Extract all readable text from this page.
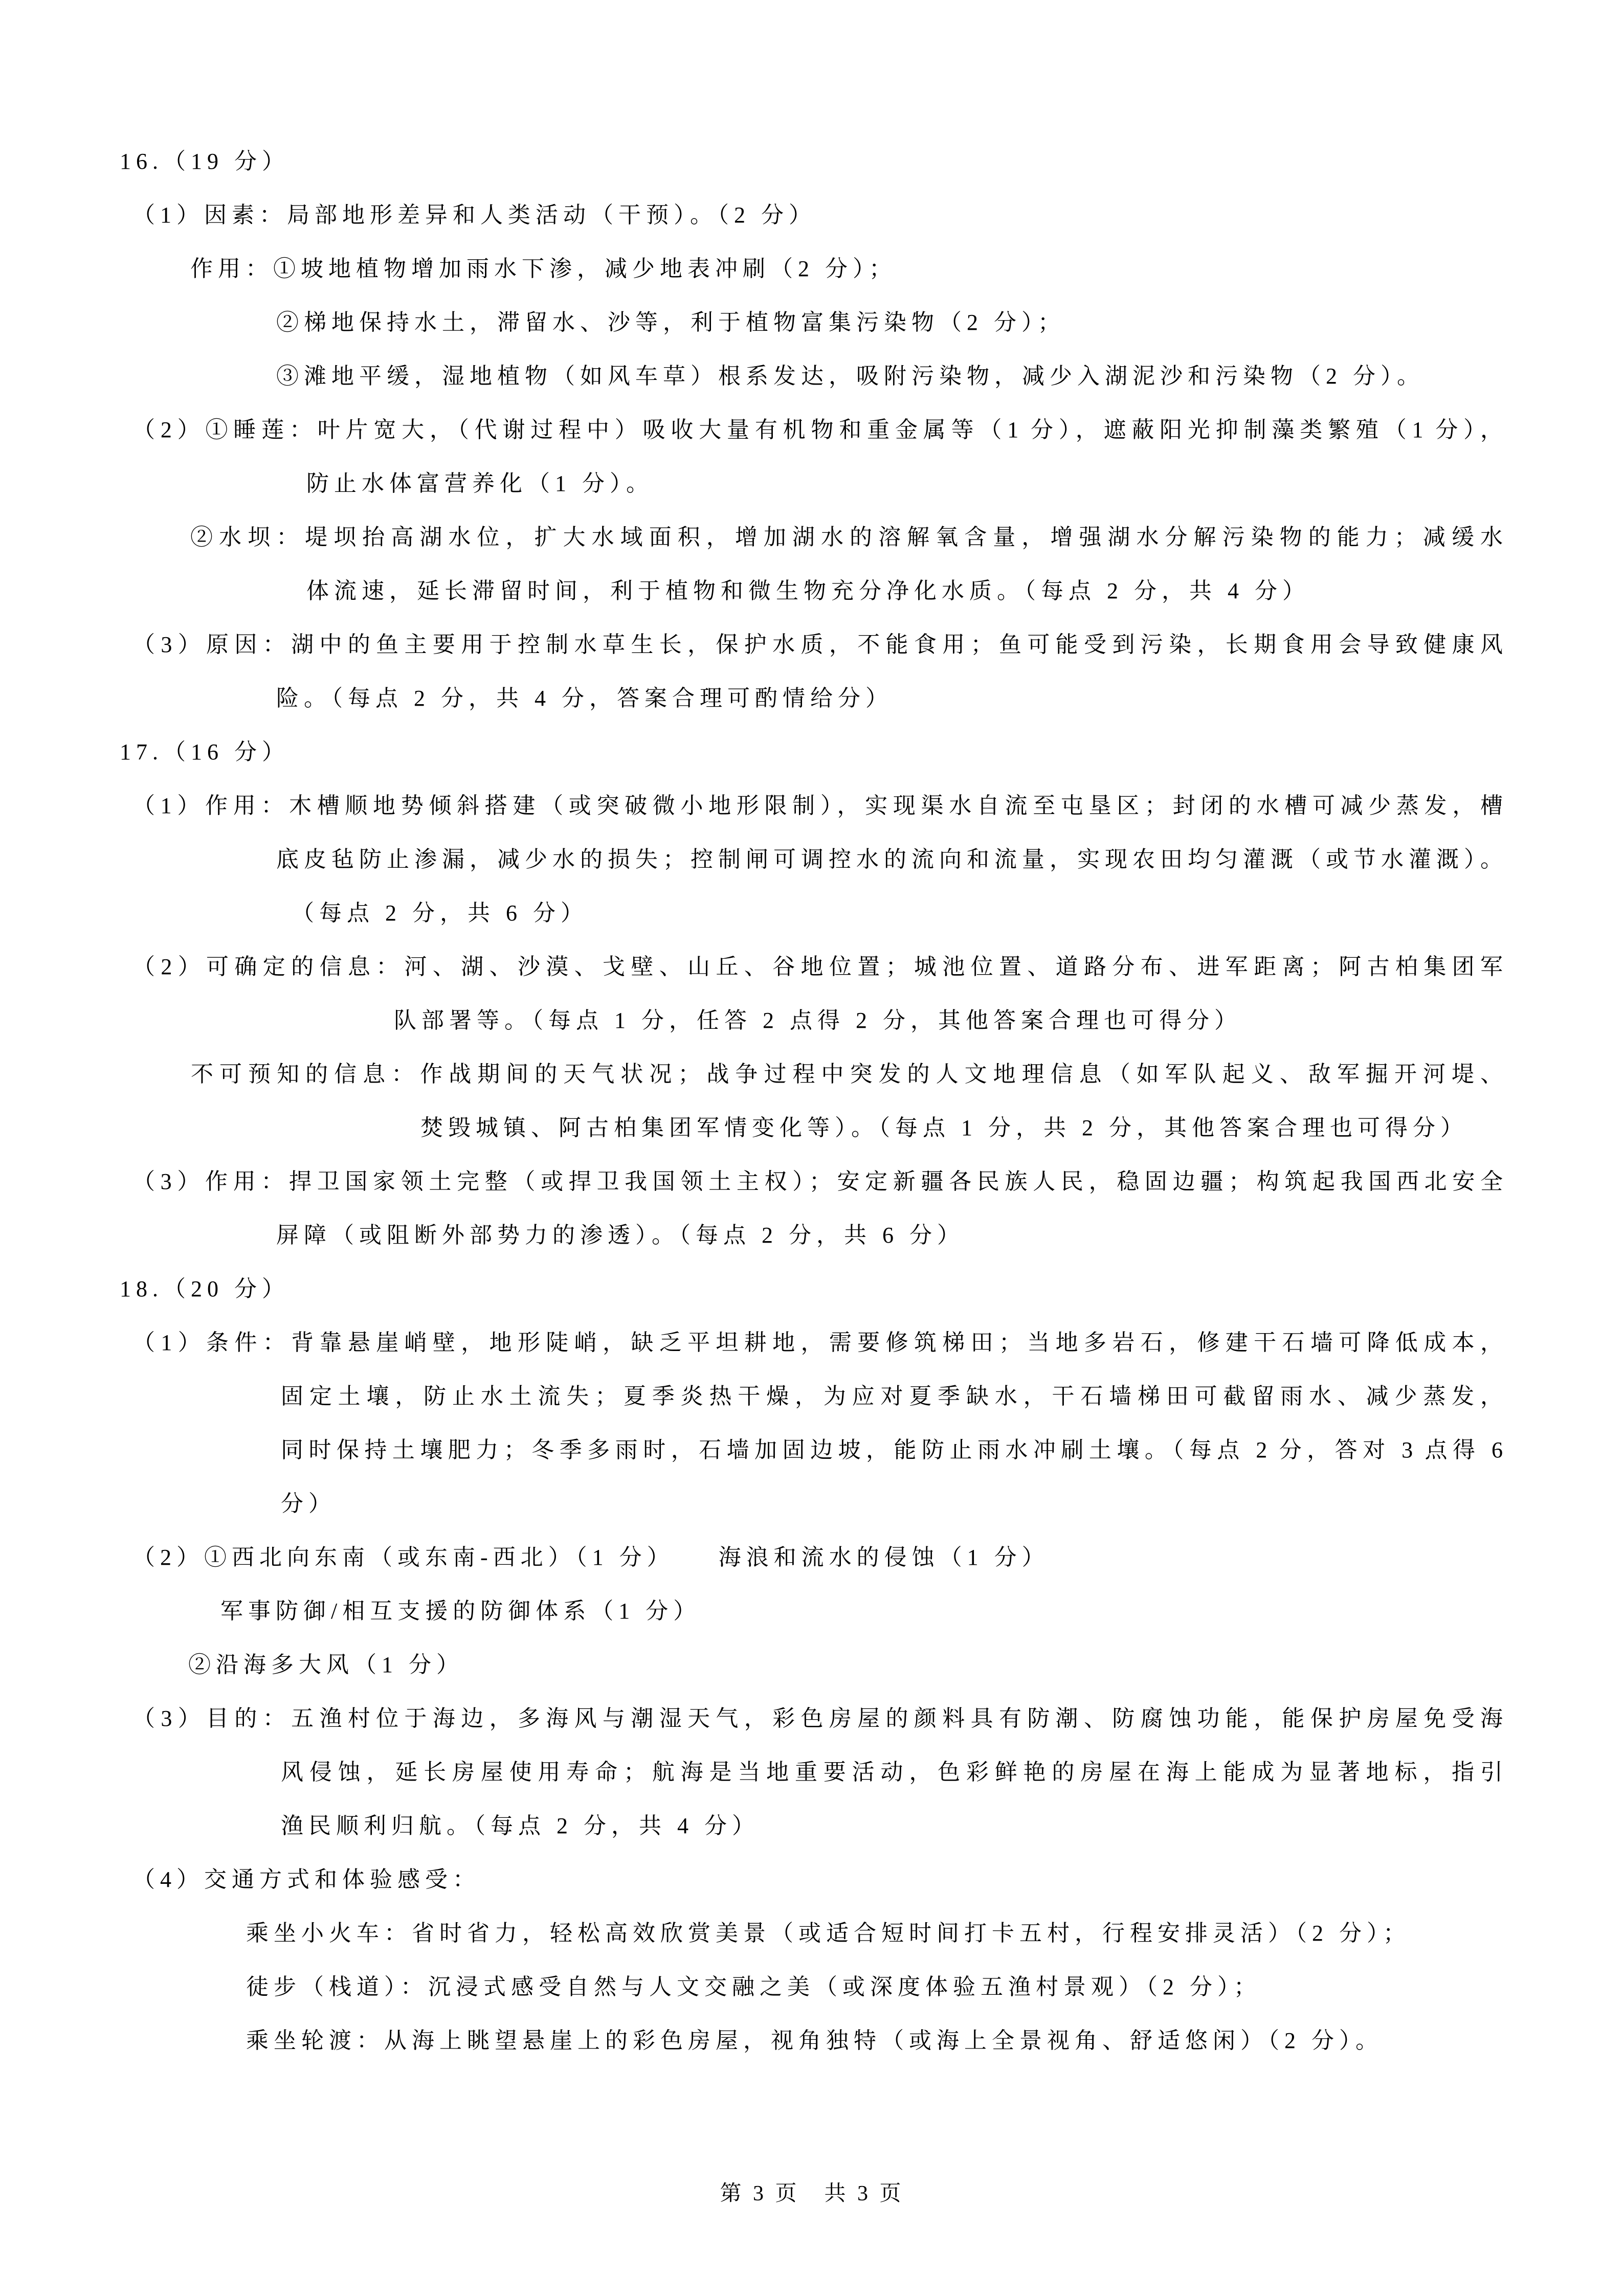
16.（19 分）
（1）因素：局部地形差异和人类活动（干预）。（2 分）
作用：①坡地植物增加雨水下渗，减少地表冲刷（2 分）；
②梯地保持水土，滞留水、沙等，利于植物富集污染物（2 分）；
③滩地平缓，湿地植物（如风车草）根系发达，吸附污染物，减少入湖泥沙和污染物（2 分）。
（2）①睡莲：叶片宽大，（代谢过程中）吸收大量有机物和重金属等（1 分），遮蔽阳光抑制藻类繁殖（1 分），
防止水体富营养化（1 分）。
②水坝：堤坝抬高湖水位，扩大水域面积，增加湖水的溶解氧含量，增强湖水分解污染物的能力；减缓水
体流速，延长滞留时间，利于植物和微生物充分净化水质。（每点 2 分，共 4 分）
（3）原因：湖中的鱼主要用于控制水草生长，保护水质，不能食用；鱼可能受到污染，长期食用会导致健康风
险。（每点 2 分，共 4 分，答案合理可酌情给分）
17.（16 分）
（1）作用：木槽顺地势倾斜搭建（或突破微小地形限制），实现渠水自流至屯垦区；封闭的水槽可减少蒸发，槽
底皮毡防止渗漏，减少水的损失；控制闸可调控水的流向和流量，实现农田均匀灌溉（或节水灌溉）。
（每点 2 分，共 6 分）
（2）可确定的信息：河、湖、沙漠、戈壁、山丘、谷地位置；城池位置、道路分布、进军距离；阿古柏集团军
队部署等。（每点 1 分，任答 2 点得 2 分，其他答案合理也可得分）
不可预知的信息：作战期间的天气状况；战争过程中突发的人文地理信息（如军队起义、敌军掘开河堤、
焚毁城镇、阿古柏集团军情变化等）。（每点 1 分，共 2 分，其他答案合理也可得分）
（3）作用：捍卫国家领土完整（或捍卫我国领土主权）；安定新疆各民族人民，稳固边疆；构筑起我国西北安全
屏障（或阻断外部势力的渗透）。（每点 2 分，共 6 分）
18.（20 分）
（1）条件：背靠悬崖峭壁，地形陡峭，缺乏平坦耕地，需要修筑梯田；当地多岩石，修建干石墙可降低成本，
固定土壤，防止水土流失；夏季炎热干燥，为应对夏季缺水，干石墙梯田可截留雨水、减少蒸发，
同时保持土壤肥力；冬季多雨时，石墙加固边坡，能防止雨水冲刷土壤。（每点 2 分，答对 3 点得 6
分）
（2）①西北向东南（或东南-西北）（1 分）　　海浪和流水的侵蚀（1 分）
军事防御/相互支援的防御体系（1 分）
②沿海多大风（1 分）
（3）目的：五渔村位于海边，多海风与潮湿天气，彩色房屋的颜料具有防潮、防腐蚀功能，能保护房屋免受海
风侵蚀，延长房屋使用寿命；航海是当地重要活动，色彩鲜艳的房屋在海上能成为显著地标，指引
渔民顺利归航。（每点 2 分，共 4 分）
（4）交通方式和体验感受：
乘坐小火车：省时省力，轻松高效欣赏美景（或适合短时间打卡五村，行程安排灵活）（2 分）；
徒步（栈道）：沉浸式感受自然与人文交融之美（或深度体验五渔村景观）（2 分）；
乘坐轮渡：从海上眺望悬崖上的彩色房屋，视角独特（或海上全景视角、舒适悠闲）（2 分）。
第 3 页　共 3 页
